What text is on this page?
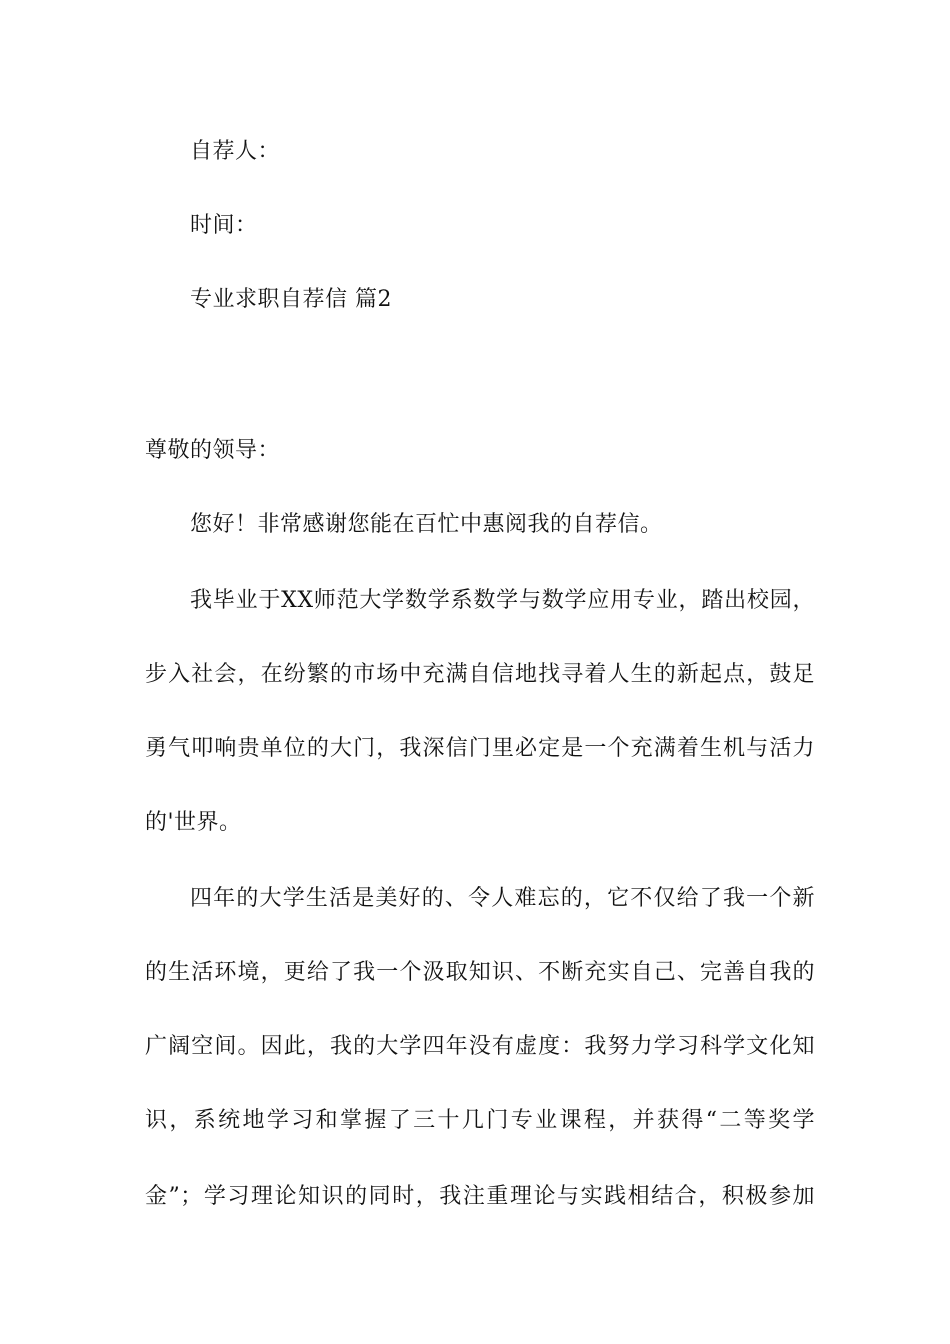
自荐人：
时间：
专业求职自荐信 篇2
尊敬的领导：
您好！非常感谢您能在百忙中惠阅我的自荐信。
我毕业于XX师范大学数学系数学与数学应用专业，踏出校园，
步入社会，在纷繁的市场中充满自信地找寻着人生的新起点，鼓足
勇气叩响贵单位的大门，我深信门里必定是一个充满着生机与活力
的'世界。
四年的大学生活是美好的、令人难忘的，它不仅给了我一个新
的生活环境，更给了我一个汲取知识、不断充实自己、完善自我的
广阔空间。因此，我的大学四年没有虚度：我努力学习科学文化知
识，系统地学习和掌握了三十几门专业课程，并获得“二等奖学
金”；学习理论知识的同时，我注重理论与实践相结合，积极参加
